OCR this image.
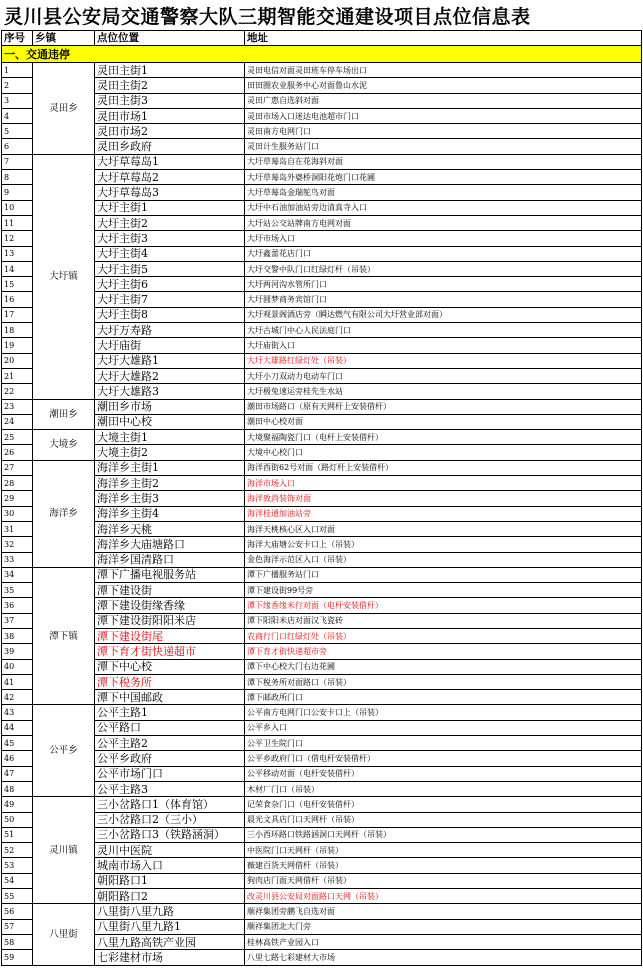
灵川县公安局交通警察大队三期智能交通建设项目点位信息表
序号	乡镇	点位位置	地址
一、交通违停			
1	灵田乡	灵田主街1	灵田电信对面灵田班车停车场出口
2		灵田主街2	田田圈农业服务中心对面鲁山水泥
3		灵田主街3	灵田广惠自选斜对面
4		灵田市场1	灵田市场入口迷达电池超市门口
5		灵田市场2	灵田南方电网门口
6		灵田乡政府	灵田计生服务站门口
7	大圩镇	大圩草莓岛1	大圩草莓岛自在花海斜对面
8		大圩草莓岛2	大圩草莓岛外婆桥洞阳花炮门口花圃
9		大圩草莓岛3	大圩草莓岛金瑞鸵鸟对面
10		大圩主街1	大圩中石油加油站旁边清真寺入口
11		大圩主街2	大圩站公交站牌南方电网对面
12		大圩主街3	大圩市场入口
13		大圩主街4	大圩鑫蕾花店门口
14		大圩主街5	大圩交警中队门口红绿灯杆（吊装）
15		大圩主街6	大圩两河沟水管所门口
16		大圩主街7	大圩圆梦商务宾馆门口
17		大圩主街8	大圩观景阁酒店旁（瞬达燃气有限公司大圩营业部对面）
18		大圩万寿路	大圩古城门中心人民法庭门口
19		大圩庙街	大圩庙街入口
20		大圩大雄路1	大圩大雄路红绿灯处（吊装）
21		大圩大雄路2	大圩小刀双动力电动车门口
22		大圩大雄路3	大圩极兔速运旁桂先生水站
23	潮田乡	潮田乡市场	潮田市场路口（原有天网杆上安装借杆）
24		潮田中心校	潮田中心校对面
25	大境乡	大境主街1	大境聚福陶瓷门口（电杆上安装借杆）
26		大境主街2	大境中心校门口
27	海洋乡	海洋乡主街1	海洋西街62号对面（路灯杆上安装借杆）
28		海洋乡主街2	海洋市场入口
29		海洋乡主街3	海洋致尚装饰对面
30		海洋乡主街4	海洋桂通加油站旁
31		海洋乡天桃	海洋天桃核心区入口对面
32		海洋乡大庙塘路口	海洋大庙塘公安卡口上（吊装）
33		海洋乡国清路口	金色海洋示范区入口（吊装）
34	潭下镇	潭下广播电视服务站	潭下广播服务站门口
35		潭下建设街	潭下建设街99号旁
36		潭下建设街缘香缘	潭下缘香缘米行对面（电杆安装借杆）
37		潭下建设街阳阳米店	潭下阳阳米店对面汉飞瓷砖
38		潭下建设街尾	农商行门口红绿灯处（吊装）
39		潭下育才街快递超市	潭下育才街快递超市旁
40		潭下中心校	潭下中心校大门右边花圃
41		潭下税务所	潭下税务所对面路口（吊装）
42		潭下中国邮政	潭下邮政所门口
43	公平乡	公平主路1	公平南方电网门口公安卡口上（吊装）
44		公平路口	公平乡入口
45		公平主路2	公平卫生院门口
46		公平乡政府	公平乡政府门口（借电杆安装借杆）
47		公平市场门口	公平移动对面（电杆安装借杆）
48		公平主路3	木材厂门口（吊装）
49	灵川镇	三小岔路口1（体育馆）	记荣食杂门口（电杆安装借杆）
50		三小岔路口2（三小）	晨光文具店门口天网杆（吊装）
51		三小岔路口3（铁路涵洞）	三小西环路口铁路涵洞口天网杆（吊装）
52		灵川中医院	中医院门口天网杆（吊装）
53		城南市场入口	薇建百货天网借杆（吊装）
54		朝阳路口1	狗肉店门面天网借杆（吊装）
55		朝阳路口2	改灵川县公安局对面路口天网（吊装）
56	八里街	八里街八里九路	顺祥集团旁鹏飞自选对面
57		八里街八里九路1	顺祥集团北大门旁
58		八里九路高铁产业园	桂林高铁产业园入口
59		七彩建材市场	八里七路七彩建材大市场
